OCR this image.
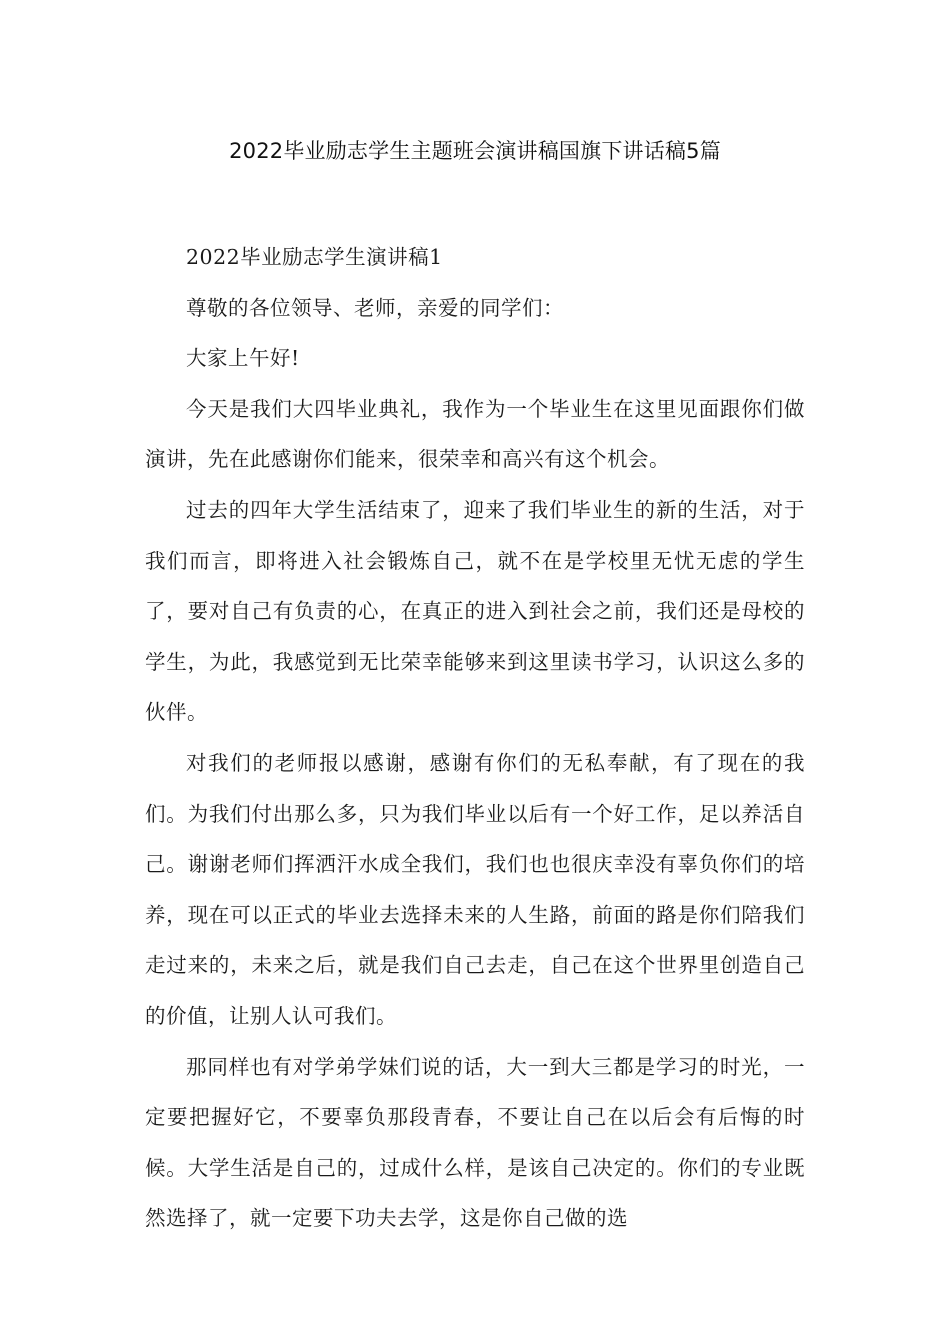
2022毕业励志学生主题班会演讲稿国旗下讲话稿5篇

2022毕业励志学生演讲稿1

尊敬的各位领导、老师，亲爱的同学们：

大家上午好!

今天是我们大四毕业典礼，我作为一个毕业生在这里见面跟你们做演讲，先在此感谢你们能来，很荣幸和高兴有这个机会。

过去的四年大学生活结束了，迎来了我们毕业生的新的生活，对于我们而言，即将进入社会锻炼自己，就不在是学校里无忧无虑的学生了，要对自己有负责的心，在真正的进入到社会之前，我们还是母校的学生，为此，我感觉到无比荣幸能够来到这里读书学习，认识这么多的伙伴。

对我们的老师报以感谢，感谢有你们的无私奉献，有了现在的我们。为我们付出那么多，只为我们毕业以后有一个好工作，足以养活自己。谢谢老师们挥洒汗水成全我们，我们也也很庆幸没有辜负你们的培养，现在可以正式的毕业去选择未来的人生路，前面的路是你们陪我们走过来的，未来之后，就是我们自己去走，自己在这个世界里创造自己的价值，让别人认可我们。

那同样也有对学弟学妹们说的话，大一到大三都是学习的时光，一定要把握好它，不要辜负那段青春，不要让自己在以后会有后悔的时候。大学生活是自己的，过成什么样，是该自己决定的。你们的专业既然选择了，就一定要下功夫去学，这是你自己做的选
